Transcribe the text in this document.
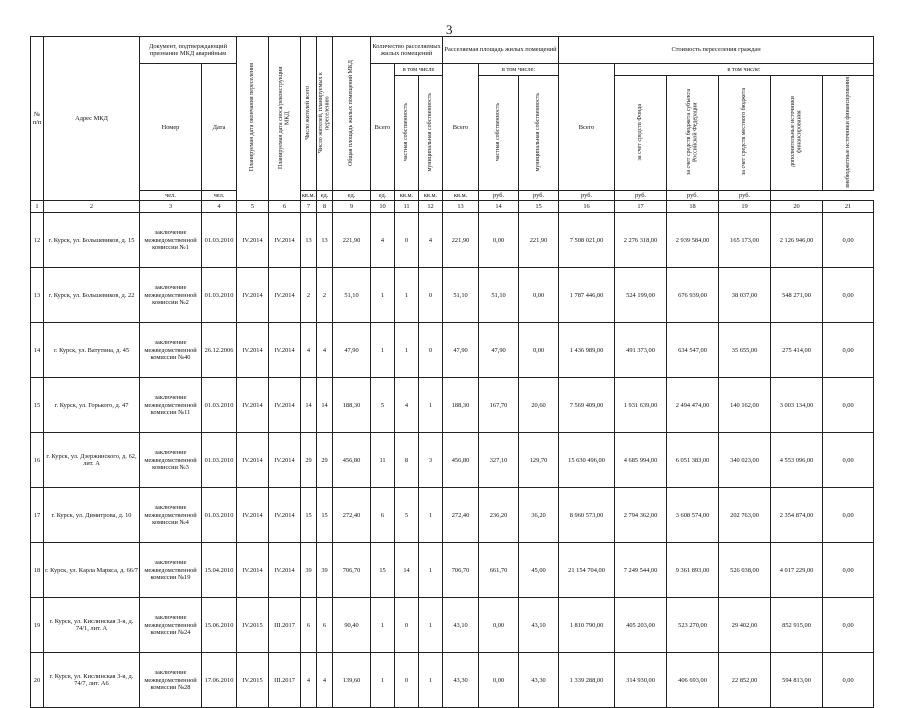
3
№ п/п	Адрес МКД	Документ, подтверждающий признание МКД аварийным		Планируемая дата окончания переселения	Планируемая дата сноса/реконструкции МКД	Число жителей всего	Число жителей, планируемых к переселению	Общая площадь жилых помещений МКД	Количество расселяемых жилых помещений			Расселяемая площадь жилых помещений			Стоимость переселения граждан					
		Номер	Дата						Всего	в том числе		Всего	в том числе:		Всего	в том числе:				
										частная собственность	муниципальная собственность		частная собственность	муниципальная собственность		за счет средств Фонда	за счет средств бюджета субъекта Российской Федерации	за счет средств местного бюджета	дополнительные источники финансирования	внебюджетные источники финансирования
		чел.	чел.			кв.м.	ед.	ед.	ед.	кв.м.	кв.м.	кв.м.	руб.	руб.	руб.	руб.	руб.	руб.		
1	2	3	4	5	6	7	8	9	10	11	12	13	14	15	16	17	18	19	20	21
12	г. Курск, ул. Большевиков, д. 15	заключение межведомственной комиссии №1	01.03.2010	IV.2014	IV.2014	13	13	221,90	4	0	4	221,90	0,00	221,90	7 508 021,00	2 276 318,00	2 939 584,00	165 173,00	2 126 946,00	0,00
13	г. Курск, ул. Большевиков, д. 22	заключение межведомственной комиссии №2	01.03.2010	IV.2014	IV.2014	2	2	51,10	1	1	0	51,10	51,10	0,00	1 787 446,00	524 199,00	676 939,00	38 037,00	548 271,00	0,00
14	г. Курск, ул. Ватутина, д. 45	заключение межведомственной комиссии №40	26.12.2006	IV.2014	IV.2014	4	4	47,90	1	1	0	47,90	47,90	0,00	1 436 989,00	491 373,00	634 547,00	35 655,00	275 414,00	0,00
15	г. Курск, ул. Горького, д. 47	заключение межведомственной комиссии №11	01.03.2010	IV.2014	IV.2014	14	14	188,30	5	4	1	188,30	167,70	20,60	7 569 409,00	1 931 639,00	2 494 474,00	140 162,00	3 003 134,00	0,00
16	г. Курск, ул. Дзержинского, д. 62, лит. А	заключение межведомственной комиссии №3	01.03.2010	IV.2014	IV.2014	29	29	456,80	11	8	3	456,80	327,10	129,70	15 630 496,00	4 685 994,00	6 051 383,00	340 023,00	4 553 096,00	0,00
17	г. Курск, ул. Димитрова, д. 10	заключение межведомственной комиссии №4	01.03.2010	IV.2014	IV.2014	15	15	272,40	6	5	1	272,40	236,20	36,20	8 960 573,00	2 794 362,00	3 608 574,00	202 763,00	2 354 874,00	0,00
18	г. Курск, ул. Карла Маркса, д. 66/7	заключение межведомственной комиссии №19	15.04.2010	IV.2014	IV.2014	39	39	706,70	15	14	1	706,70	661,70	45,00	21 154 704,00	7 249 544,00	9 361 893,00	526 038,00	4 017 229,00	0,00
19	г. Курск, ул. Кислинская 3-я, д. 74/1, лит. А	заключение межведомственной комиссии №24	15.06.2010	IV.2015	III.2017	6	6	90,40	1	0	1	43,10	0,00	43,10	1 810 790,00	405 203,00	523 270,00	29 402,00	852 915,00	0,00
20	г. Курск, ул. Кислинская 3-я, д. 74/7, лит. А6	заключение межведомственной комиссии №28	17.06.2010	IV.2015	III.2017	4	4	139,60	1	0	1	43,30	0,00	43,30	1 339 288,00	314 930,00	406 693,00	22 852,00	594 813,00	0,00
